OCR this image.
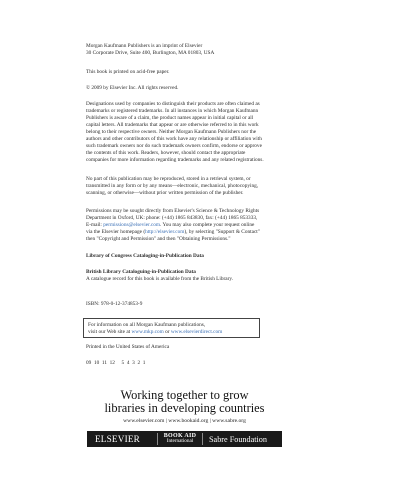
Morgan Kaufmann Publishers is an imprint of Elsevier

30 Corporate Drive, Suite 400, Burlington, MA 01803, USA

This book is printed on acid-free paper.

© 2009 by Elsevier Inc. All rights reserved.

Designations used by companies to distinguish their products are often claimed as

trademarks or registered trademarks. In all instances in which Morgan Kaufmann

Publishers is aware of a claim, the product names appear in initial capital or all

capital letters. All trademarks that appear or are otherwise referred to in this work

belong to their respective owners. Neither Morgan Kaufmann Publishers nor the

authors and other contributors of this work have any relationship or affiliation with

such trademark owners nor do such trademark owners confirm, endorse or approve

the contents of this work. Readers, however, should contact the appropriate

companies for more information regarding trademarks and any related registrations.

No part of this publication may be reproduced, stored in a retrieval system, or

transmitted in any form or by any means—electronic, mechanical, photocopying,

scanning, or otherwise—without prior written permission of the publisher.

Permissions may be sought directly from Elsevier's Science & Technology Rights

Department in Oxford, UK: phone: (+44) 1865 843830, fax: (+44) 1865 853333,

E-mail: permissions@elsevier.com. You may also complete your request online

via the Elsevier homepage (http://elsevier.com), by selecting "Support & Contact"

then "Copyright and Permission" and then "Obtaining Permissions."

Library of Congress Cataloging-in-Publication Data

British Library Cataloguing-in-Publication Data

A catalogue record for this book is available from the British Library.

ISBN: 978-0-12-374853-9

For information on all Morgan Kaufmann publications,

visit our Web site at www.mkp.com or www.elsevierdirect.com

Printed in the United States of America

09  10  11  12     5  4  3  2  1

Working together to grow
libraries in developing countries
www.elsevier.com | www.bookaid.org | www.sabre.org
ELSEVIER	BOOK AID
International	Sabre Foundation
